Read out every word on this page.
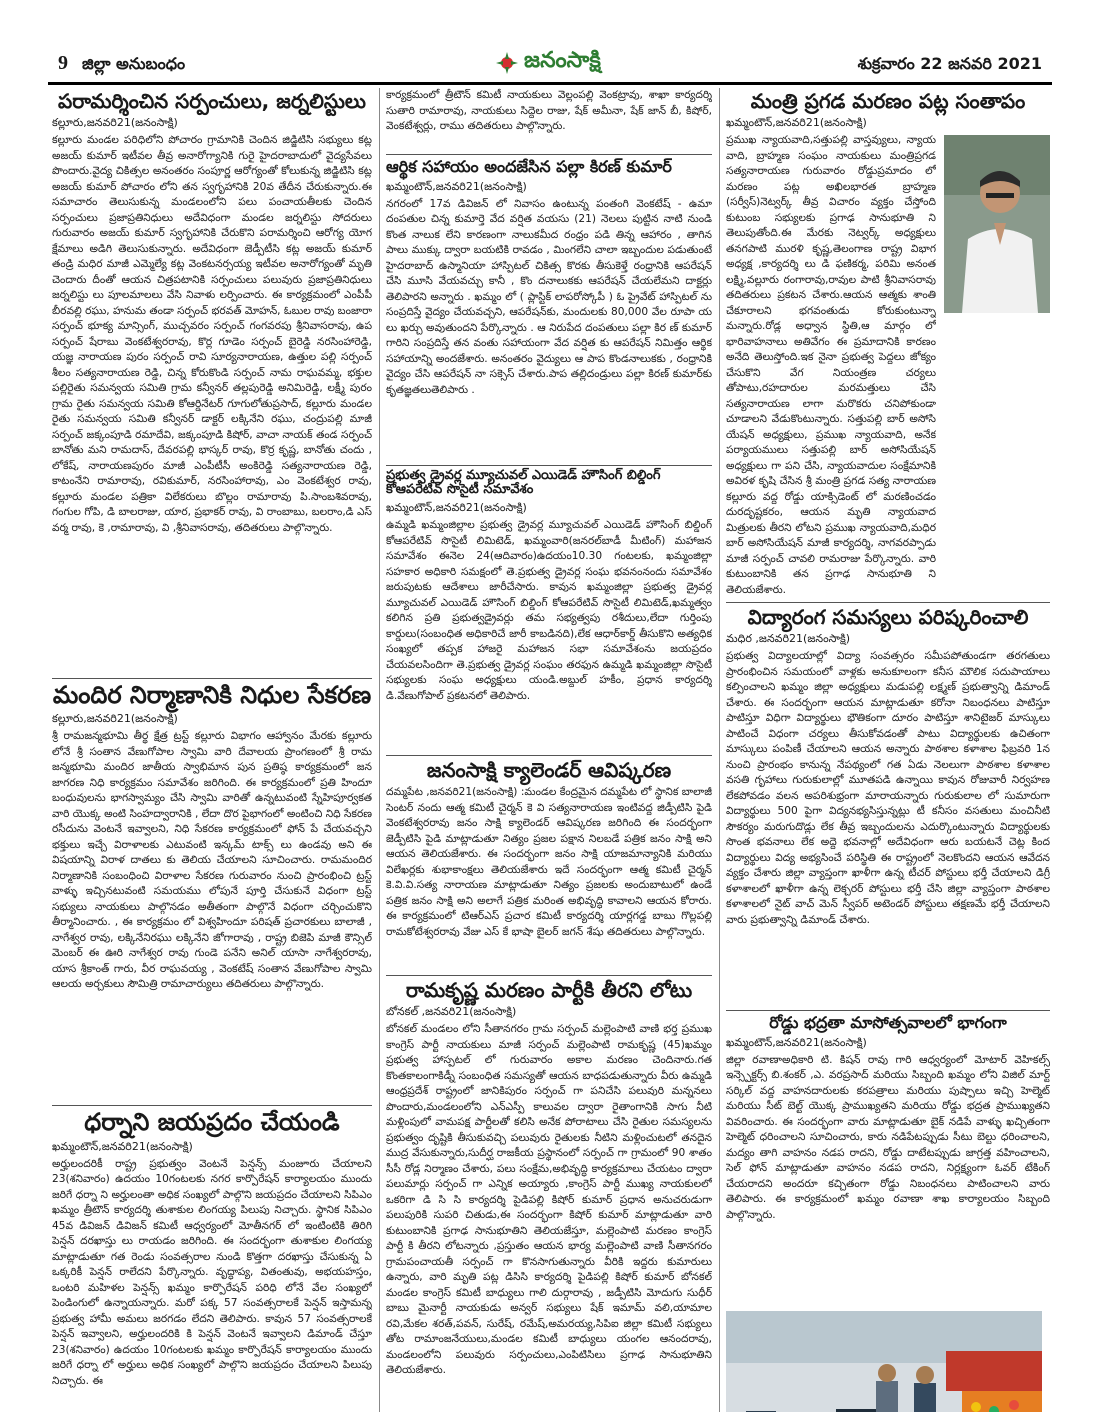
9 జిల్లా అనుబంధం	జనంసాక్షి	శుక్రవారం 22 జనవరి 2021
పరామర్శించిన సర్పంచులు, జర్నలిస్టులు
కల్లూరు,జనవరి21(జనంసాక్షి)
కల్లూరు మండల పరిధిలోని పోచారం గ్రామానికి చెందిన జిడ్జిటిసి సభ్యులు కట్ల అజయ్ కుమార్ ఇటీవల తీవ్ర అనారోగ్యానికి గురై హైదరాబాదులో వైద్యసేవలు పొందారు.వైద్య చికిత్సల అనంతరం సంపూర్ణ ఆరోగ్యంతో కోలుకున్న జిడ్జిటిసి కట్ల అజయ్ కుమార్ పోచారం లోని తన స్వగృహానికి 20వ తేదీన చేరుకున్నారు.ఈ సమాచారం తెలుసుకున్న మండలంలోని పలు పంచాయతీలకు చెందిన సర్పంచులు ప్రజాప్రతినిధులు అదేవిధంగా మండల జర్నలిస్టు సోదరులు గురువారం అజయ్ కుమార్ స్వగృహానికి చేరుకొని పరామర్శించి ఆరోగ్య యోగ క్షేమాలు అడిగి తెలుసుకున్నారు. అదేవిధంగా జెడ్పీటీసి కట్ల అజయ్ కుమార్ తండ్రి మధిర మాజీ ఎమ్మెల్యే కట్ల వెంకటనర్సయ్య ఇటీవల అనారోగ్యంతో మృతి చెందారు దీంతో ఆయన చిత్రపటానికి సర్పంచులు పలువురు ప్రజాప్రతినిధులు జర్నలిస్టు లు పూలమాలలు వేసి నివాళు లర్పించారు. ఈ కార్యక్రమంలో ఎంపీపీ బీరవల్లి రఘు, హనుమ తండా సర్పంచ్ భరవత్ మోహన్, ఓబుల రావు బంజారా సర్పంచ్ భూక్య మాన్సింగ్, ముచ్చవరం సర్పంచ్ గంగవరపు శ్రీనివాసరావు, ఉప సర్పంచ్ షేరాబు వెంకటేశ్వరరావు, కొర్ల గూడెం సర్పంచ్ బైరెడ్డి నరసింహారెడ్డి, యజ్ఞ నారాయణ పురం సర్పంచ్ రావి సూర్యనారాయణ, ఉత్తుల పల్లి సర్పంచ్ శీలం సత్యనారాయణ రెడ్డి, చిన్న కోరుకొండి సర్పంచ్ నామ రాఘవమ్మ, భక్తుల పల్లిరైతు సమన్వయ సమితి గ్రామ కన్వీనర్ తల్లపురెడ్డి అనిమిరెడ్డి, లక్ష్మీ పురం గ్రామ రైతు సమన్వయ సమితి కోఆర్డినేటర్ గూగులోతుప్రసాద్, కల్లూరు మండల రైతు సమన్వయ సమితి కన్వీనర్ డాక్టర్ లక్కినేని రఘు, చంద్రుపల్లి మాజీ సర్పంచ్ జక్కంపూడి రమాదేవి, జక్కంపూడి కిషోర్, వాచా నాయక్ తండ సర్పంచ్ బానోతు మని రామదాస్, దేవరపల్లి భాస్కర్ రావు, కొర్ర కృష్ణ, బానోతు చందు , లోకేష్, నారాయణపురం మాజీ ఎంపీటీసీ అంకిరెడ్డి సత్యనారాయణ రెడ్డి, కాటంనేని రామారావు, రవికుమార్, నరసింహారావు, ఎం వెంకటేశ్వర రావు, కల్లూరు మండల పత్రికా విలేకరులు బొల్లం రామారావు పి.సాంబశివరావు, గంగుల గోపి, డి బాలరాజు, యార, ప్రభాకర్ రావు, వి రాంబాబు, బలరాం,డి ఎస్ వర్మ రావు, కె ,రామారావు, వి ,శ్రీనివాసరావు, తదితరులు పాల్గొన్నారు.
మందిర నిర్మాణానికి నిధుల సేకరణ
కల్లూరు,జనవరి21(జనంసాక్షి)
శ్రీ రామజన్మభూమి తీర్థ క్షేత్ర ట్రస్ట్ కల్లూరు విభాగం ఆహ్వానం మేరకు కల్లూరు లోనే శ్రీ సంతాన వేణుగోపాల స్వామి వారి దేవాలయ ప్రాంగణంలో శ్రీ రామ జన్మభూమి మందిర జాతీయ స్వాభిమాన పున ప్రతిష్ఠ కార్యక్రమంలో జన జాగరణ నిధి కార్యక్రమం సమావేశం జరిగింది. ఈ కార్యక్రమంలో ప్రతి హిందూ బంధువులను భాగస్వామ్యం చేసి స్వామి వారితో ఉన్నటువంటి స్నేహిపూర్వకత వారి యొక్క అంటి సింహద్వారానికి , లేదా దొర పైభాగంలో అంటించి నిధి సేకరణ రసీదును వెంటనే ఇవ్వాలని, నిధి సేకరణ కార్యక్రమంలో ఫోన్ పే చేయవచ్చని భక్తులు ఇచ్చే విరాళాలకు ఎటువంటి ఇన్కమ్ టాక్స్ లు ఉండవు అని ఈ విషయాన్ని విరాళ దాతలు కు తెలియ చేయాలని సూచించారు. రామమందిర నిర్మాణానికి సంబంధించి విరాళాల సేకరణ గురువారం నుంచి ప్రారంభించి ట్రస్ట్ వాళ్ళు ఇచ్చినటువంటి సమయము లోపునే పూర్తి చేసుకునే విధంగా ట్రస్ట్ సభ్యులు నాయకులు పాల్గొనడం అతీతంగా పాల్గొనే విధంగా చర్చించుకొని తీర్మానించారు. , ఈ కార్యక్రమం లో విశ్వహిందూ పరిషత్ ప్రచారకులు బాలాజీ , నాగేశ్వర రావు, లక్కినేనిరఘు లక్కినేని జోగారావు , రాష్ట్ర బిజెపి మాజీ కౌన్సిల్ మెంబర్ ఈ ఊరి నాగేశ్వర రావు గుండె పనేని అనిల్ యాసా నాగేశ్వరరావు, యాస శ్రీకాంత్ గారు, వీర రాఘవయ్య , వెంకటేష్ సంతాన వేణుగోపాల స్వామి ఆలయ అర్చకులు సౌమిత్రి రామాచార్యులు తదితరులు పాల్గొన్నారు.
ధర్నాని జయప్రదం చేయండి
ఖమ్మంటౌన్,జనవరి21(జనంసాక్షి)
అర్హులందరికీ రాష్ట్ర ప్రభుత్వం వెంటనే పెన్షన్స్ మంజూరు చేయాలని 23(శనివారం) ఉదయం 10గంటలకు నగర కార్పొరేషన్ కార్యాలయం ముందు జరిగే ధర్నా ని అర్హులంతా అధిక సంఖ్యలో పాల్గొని జయప్రదం చేయాలని సిపిఎం ఖమ్మం త్రీటౌన్ కార్యదర్శి తుశాకుల లింగయ్య పిలుపు నిచ్చారు. స్థానిక సిపిఎం 45వ డివిజన్ డివిజన్ కమిటీ ఆధ్వర్యంలో మోతీనగర్ లో ఇంటింటికి తిరిగి పెన్షన్ దరఖాస్తు లు రాయడం జరిగింది. ఈ సందర్భంగా తుశాకుల లింగయ్య మాట్లాడుతూ గత రెండు సంవత్సరాల నుండి కొత్తగా దరఖాస్తు చేసుకున్న ఏ ఒక్కరికీ పెన్షన్ రాలేదని పేర్కొన్నారు. వృద్ధాప్య, వితంతువు, అభయహస్తం, ఒంటరి మహిళల పెన్షన్స్ ఖమ్మం కార్పొరేషన్ పరిధి లోనే వేల సంఖ్యలో పెండింగులో ఉన్నాయన్నారు. మరో పక్క 57 సంవత్సరాలకే పెన్షన్ ఇస్తామన్న ప్రభుత్వ హామీ అమలు జరగడం లేదని తెలిపారు. కావున 57 సంవత్సరాలకే పెన్షన్ ఇవ్వాలని, అర్హులందరికి కి పెన్షన్ వెంటనే ఇవ్వాలని డిమాండ్ చేస్తూ 23(శనివారం) ఉదయం 10గంటలకు ఖమ్మం కార్పొరేషన్ కార్యాలయం ముందు జరిగే ధర్నా లో అర్హులు అధిక సంఖ్యలో పాల్గొని జయప్రదం చేయాలని పిలుపు నిచ్చారు. ఈ
కార్యక్రమంలో త్రీటౌన్ కమిటీ నాయకులు వెల్లంపల్లి వెంకట్రావు, శాఖా కార్యదర్శి సుతారి రామారావు, నాయకులు సిద్దెల రాజు, షేక్ అమీనా, షేక్ జాన్ బీ, కిషోర్, వెంకటేశ్వర్లు, రాము తదితరులు పాల్గొన్నారు.
ఆర్థిక సహాయం అందజేసిన పల్లా కిరణ్ కుమార్
ఖమ్మంటౌన్,జనవరి21(జనంసాక్షి)
నగరంలో 17వ డివిజన్ లో నివాసం ఉంటున్న పంతంగి వెంకటేష్ - ఉమా దంపతుల చిన్న కుమార్తె వేద వర్షిత వయసు (21) నెలలు పుట్టిన నాటి నుండి కొంత నాలుక లేని కారణంగా నాలుకమీద రంధ్రం పడి తిన్న ఆహారం , తాగిన పాలు ముక్కు ద్వారా బయటికి రావడం , మింగలేని చాలా ఇబ్బందుల పడుతుంటే హైదరాబాద్ ఉస్మానియా హాస్పిటల్ చికిత్స కొరకు తీసుకెళ్తే రంధ్రానికి ఆపరేషన్ చేసి మూసి వేయవచ్చు కానీ , కొం దనాలుకకు ఆపరేషన్ చేయలేమని దాక్టర్లు తెలిపారని అన్నారు . ఖమ్మం లో ( ప్లాస్టిక్ లాపరోస్కోపీ ) ఓ ప్రైవేట్ హాస్పిటల్ ను సంప్రదిస్తే వైద్యం చేయవచ్చని, ఆపరేషన్‌కు, మందులకు 80,000 వేల రూపా య లు ఖర్చు అవుతుందని పేర్కొన్నారు . ఆ నిరుపేద దంపతులు పల్లా కిర ణ్ కుమార్ గారిని సంప్రదిస్తే తన వంతు సహాయంగా వేద వర్షిత కు ఆపరేషన్ నిమిత్తం ఆర్థిక సహాయాన్ని అందజేశారు. అనంతరం వైద్యులు ఆ పాప కొండనాలుకకు , రంధ్రానికి వైద్యం చేసి ఆపరేషన్ నా సక్సెస్ చేశారు.పాప తల్లిదండ్రులు పల్లా కిరణ్ కుమార్‌కు కృతజ్ఞతలుతెలిపారు .
ప్రభుత్వ డ్రైవర్ల మ్యూచువల్ ఎయిడెడ్ హౌసింగ్ బిల్డింగ్ కోఆపరేటివ్ సొసైటీ సమావేశం
ఖమ్మంటౌన్,జనవరి21(జనంసాక్షి)
ఉమ్మడి ఖమ్మంజిల్లాల ప్రభుత్వ డ్రైవర్ల మ్యూచువల్ ఎయిడెడ్ హౌసింగ్ బిల్డింగ్ కోఆపరేటివ్ సొసైటీ లిమిటెడ్, ఖమ్మంవారి(జనరల్‌బాడీ మీటింగ్) మహాజన సమావేశం ఈనెల 24(ఆదివారం)ఉదయం10.30 గంటలకు, ఖమ్మంజిల్లా సహకార అధికారి సమక్షంలో తె.ప్రభుత్వ డ్రైవర్ల సంఘ భవనంనందు సమావేశం జరుపుటకు ఆదేశాలు జారీచేసారు. కావున ఖమ్మంజిల్లా ప్రభుత్వ డ్రైవర్ల మ్యూచువల్ ఎయిడెడ్ హౌసింగ్ బిల్డింగ్ కోఆపరేటివ్ సొసైటీ లిమిటెడ్,ఖమ్మత్వం కలిగిన ప్రతి ప్రభుత్వడ్రైవర్లు తమ సభ్యత్వపు రశీదులు,లేదా గుర్తింపు కార్డులు(సంబంధిత అధికారిచే జారీ కాబడినది),లేక ఆధార్‌కార్డ్ తీసుకొని అత్యధిక సంఖ్యలో తప్పక హాజరై మహాజన సభా సమావేశంను జయప్రదం చేయవలసిందిగా తె.ప్రభుత్వ డ్రైవర్ల సంఘం తరఫున ఉమ్మడి ఖమ్మంజిల్లా సొసైటీ సభ్యులకు సంఘ అధ్యక్షులు యండి.అబ్దుల్ హకీం, ప్రధాన కార్యదర్శి డి.వేణుగోపాల్ ప్రకటనలో తెలిపారు.
జనంసాక్షి క్యాలెండర్ ఆవిష్కరణ
దమ్మపేట ,జనవరి21(జనంసాక్షి) :మండల కేంద్రమైన దమ్మపేట లో స్థానిక బాలాజీ సెంటర్ నందు ఆత్మ కమిటీ చైర్మన్ కె వి సత్యనారాయణ ఇంటివద్ద జిడ్పీటిసి పైడి వెంకటేశ్వరరావు జనం సాక్షి క్యాలెండర్ ఆవిష్కరణ జరిగింది ఈ సందర్భంగా జెడ్పీటిసి పైడి మాట్లాడుతూ నిత్యం ప్రజల పక్షాన నిలబడే పత్రిక జనం సాక్షి అని ఆయన తెలియజేశారు. ఈ సందర్భంగా జనం సాక్షి యాజమాన్యానికి మరియు విలేఖర్లకు శుభాకాంక్షలు తెలియజేశారు ఇదే సందర్భంగా ఆత్మ కమిటీ చైర్మన్ కె.వి.వి.సత్య నారాయణ మాట్లాడుతూ నిత్యం ప్రజలకు అందుబాటులో ఉండే పత్రిక జనం సాక్షి అని అలాగే పత్రిక మరింత అభివృద్ధి కావాలని ఆయన కోరారు. ఈ కార్యక్రమంలో టిఆర్ఎస్ ప్రచార కమిటీ కార్యదర్శి యార్లగడ్డ బాబు గొల్లపల్లి రామకోటేశ్వరరావు వేజు ఎస్ కే భాషా బైలర్ జగన్ శేషు తదితరులు పాల్గొన్నారు.
రామకృష్ణ మరణం పార్టీకి తీరని లోటు
బోనకల్ ,జనవరి21(జనంసాక్షి)
బోనకల్ మండలం లోని సీతానగరం గ్రామ సర్పంచ్ మల్లెంపాటి వాణి భర్త ప్రముఖ కాంగ్రెస్ పార్టీ నాయకులు మాజీ సర్పంచ్ మల్లెంపాటి రామకృష్ణ (45)ఖమ్మం ప్రభుత్వ హాస్పటల్ లో గురువారం అకాల మరణం చెందినారు.గత కొంతకాలంగాకిడ్నీ సంబంధిత సమస్యతో ఆయన బాధపడుతున్నారు వీరు ఉమ్మడి ఆంధ్రప్రదేశ్ రాష్ట్రంలో జానికిపురం సర్పంచ్ గా పనిచేసి పలువురి మన్ననలు పొందారు,మండలంలోని ఎన్ఎస్పీ కాలువల ద్వారా రైతాంగానికి సాగు నీటి మళ్లింపులో వామపక్ష పార్టీలతో కలిసి అనేక పోరాటాలు చేసి రైతుల సమస్యలను ప్రభుత్వం దృష్టికి తీసుకువచ్చి పలువురు రైతులకు నీటిని మళ్లించుటలో తనదైన ముద్ర వేసుకున్నారు,సుదీర్ఘ రాజకీయ ప్రస్థానంలో సర్పంచ్ గా గ్రామంలో 90 శాతం సీసీ రోడ్ల నిర్మాణం చేశారు, పలు సంక్షేమ,అభివృద్ధి కార్యక్రమాలు చేయటం ద్వారా పలుమార్లు సర్పంచ్ గా ఎన్నిక అయ్యారు ,కాంగ్రెస్ పార్టీ ముఖ్య నాయకులలో ఒకరిగా డి సి సి కార్యదర్శి పైడిపల్లి కిషోర్ కుమార్ ప్రధాన అనుచరుడుగా పలుపురికి సుపరి చితుడు,ఈ సందర్భంగా కిషోర్ కుమార్ మాట్లాడుతూ వారి కుటుంబానికి ప్రగాఢ సానుభూతిని తెలియజేస్తూ, మల్లెంపాటి మరణం కాంగ్రెస్ పార్టీ కి తీరని లోటన్నారు ,ప్రస్తుతం ఆయన భార్య మల్లెంపాటి వాణి సీతానగరం గ్రామపంచాయతీ సర్పంచ్ గా కొనసాగుతున్నారు వీరికి ఇద్దరు కుమారులు ఉన్నారు, వారి మృతి పట్ల డిసిసి కార్యదర్శి పైడిపల్లి కిషోర్ కుమార్ బోనకల్ మండల కాంగ్రెస్ కమిటీ బాధ్యులు గాలి దుర్గారావు , జడ్పీటిసి మోదుగు సుధీర్ బాబు మైనార్టీ నాయకుడు అన్వర్ సభ్యులు షేక్ ఇమామ్ వలి,యామాల రవి,మేకల శరత్,పవన్, సురేష్, రమేష్,అమరయ్య,సిపిఐ జిల్లా కమిటీ సభ్యులు తోట రామాంజనేయులు,మండల కమిటీ బాధ్యులు యంగల ఆనందరావు, మండలంలోని పలువురు సర్పంచులు,ఎంపిటిసిలు ప్రగాఢ సానుభూతిని తెలియజేశారు.
మంత్రి ప్రగడ మరణం పట్ల సంతాపం
ఖమ్మంటౌన్,జనవరి21(జనంసాక్షి)
ప్రముఖ న్యాయవాది,సత్తుపల్లి వాస్తవ్యులు, న్యాయ వాది, బ్రాహ్మణ సంఘం నాయకులు మంత్రిప్రగడ సత్యనారాయణ గురువారం రోడ్డుప్రమాదం లో మరణం పట్ల అఖిలభారత బ్రాహ్మణ (సర్వీస్‌)నెట్వర్క్ తీవ్ర విచారం వ్యక్తం చేస్తోంది కుటుంబ సభ్యులకు ప్రగాఢ సానుభూతి ని తెలుపుతోంది.ఈ మేరకు నెట్వర్క్ అధ్యక్షులు తనగపాటి మురళి కృష్ణ,తెలంగాణ రాష్ట్ర విభాగ అధ్యక్ష ,కార్యదర్శి లు డి ఫణికర్మ, పరిమి అనంత లక్ష్మి,వల్లూరు రంగారావు,రావుల పాటి శ్రీనివాసరావు తదితరులు ప్రకటన చేశారు.ఆయన ఆత్మకు శాంతి చేకూరాలని భగవంతుడు కోరుకుంటున్నా మన్నారు.రోడ్ల అధ్వాన స్థితి,ఆ మార్గం లో భారివాహనాలు అతివేగం ఈ ప్రమాదానికి కారణం అనేది తెలుస్తోంది.ఇక నైనా ప్రభుత్వ పెద్దలు జోక్యం చేసుకొని వేగ నియంత్రణ చర్యలు తోపాటు,రహదారుల మరమత్తులు చేసి సత్యనారాయణ లాగా మరొకరు చనిపోకుండా చూడాలని వేడుకొంటున్నారు. సత్తుపల్లి బార్ అసోసి యేషన్ అధ్యక్షులు, ప్రముఖ న్యాయవాది, అనేక పర్యాయములు సత్తుపల్లి బార్ అసోసియేషన్ అధ్యక్షులు గా పని చేసి, న్యాయవాదుల సంక్షేమానికి అవిరళ కృషి చేసిన శ్రీ మంత్రి ప్రగడ సత్య నారాయణ కల్లూరు వద్ద రోడ్డు యాక్సిడెంట్ లో మరణించడం దురదృష్టకరం, ఆయన మృతి న్యాయవాద మిత్రులకు తీరని లోటని ప్రముఖ న్యాయవాది,మధిర బార్ అసోసియేషన్ మాజీ కార్యదర్శి, నాగవరప్పాడు మాజీ సర్పంచ్ చావలి రామరాజు పేర్కొన్నారు. వారి కుటుంబానికి తన ప్రగాఢ సానుభూతి ని తెలియజేశారు.
విద్యారంగ సమస్యలు పరిష్కరించాలి
మధిర ,జనవరి21(జనంసాక్షి)
ప్రభుత్వ విద్యాలయాల్లో విద్యా సంవత్సరం సమీపపోతుండగా తరగతులు ప్రారంభించిన సమయంలో వాళ్లకు అనుకూలంగా కనీస మౌలిక సదుపాయాలు కల్పించాలని ఖమ్మం జిల్లా అధ్యక్షులు మడుపల్లి లక్ష్మణ్ ప్రభుత్వాన్ని డిమాండ్ చేశారు. ఈ సందర్భంగా ఆయన మాట్లాడుతూ కరోనా నిబంధనలు పాటిస్తూ పాటిస్తూ విధిగా విద్యార్థులు భౌతికంగా దూరం పాటిస్తూ శానిటైజర్ మాస్కులు పాటించే విధంగా చర్యలు తీసుకోవడంతో పాటు విద్యార్థులకు ఉచితంగా మాస్కులు పంపిణీ చేయాలని ఆయన అన్నారు పాఠశాల కళాశాల ఫిబ్రవరి 1న నుంచి ప్రారంభం కానున్న నేపథ్యంలో గత ఏడు నెలలుగా పాఠశాల కళాశాల వసతి గృహాలు గురుకులాల్లో మూతపడి ఉన్నాయి కావున రోజువారీ నిర్వహణ లేకపోవడం వలన అపరిశుభ్రంగా మారాయన్నారు గురుకులాల లో సుమారుగా విద్యార్థులు 500 పైగా విద్యనభ్యసిస్తున్నట్లు టీ కనీసం వసతులు మంచినీటి సౌకర్యం మరుగుదొడ్లు లేక తీవ్ర ఇబ్బందులను ఎదుర్కొంటున్నారు విద్యార్థులకు సొంత భవనాలు లేక అద్దె భవనాల్లో అదేవిధంగా ఆరు బయటనే చెట్ల కింద విద్యార్థులు విద్య అభ్యసించే పరిస్థితి ఈ రాష్ట్రంలో నెలకొందని ఆయన ఆవేదన వ్యక్తం చేశారు జిల్లా వ్యాప్తంగా ఖాళీగా ఉన్న టీచర్ పోస్టులు భర్తీ చేయాలని డిగ్రీ కళాశాలలో ఖాళీగా ఉన్న లెక్చరర్ పోస్టులు భర్తీ చేసి జిల్లా వ్యాప్తంగా పాఠశాల కళాశాలలో నైట్ వాచ్ మెన్ స్వీపర్ అటెండర్ పోస్టులు తక్షణమే భర్తీ చేయాలని వారు ప్రభుత్వాన్ని డిమాండ్ చేశారు.
రోడ్డు భద్రతా మాసోత్సవాలలో భాగంగా
ఖమ్మంటౌన్,జనవరి21(జనంసాక్షి)
జిల్లా రవాణాఅధికారి టి. కిషన్ రావు గారి ఆధ్వర్యంలో మోటార్ వెహికల్స్ ఇన్స్పెక్టర్స్ బి.శంకర్ ,ఎ. వరప్రసాద్ మరియు సిబ్బంది ఖమ్మం లోని విజిల్ మార్ట్ సర్కిల్ వద్ద వాహనదారులకు కరపత్రాలు మరియు పుష్పాలు ఇచ్చి హెల్మెట్ మరియు సీట్ బెల్ట్ యొక్క ప్రాముఖ్యతని మరియు రోడ్డు భద్రత ప్రాముఖ్యతని వివరించారు. ఈ సందర్భంగా వారు మాట్లాడుతూ బైక్ నడిపే వాళ్ళు ఖచ్చితంగా హెల్మెట్ ధరించాలని సూచించారు, కారు నడిపేటప్పుడు సీటు బెల్టు ధరించాలని, మద్యం తాగి వాహనం నడప రాదని, రోడ్డు దాటేటప్పుడు జాగ్రత్త వహించాలని, సెల్ ఫోన్ మాట్లాడుతూ వాహనం నడప రాదని, నిర్లక్ష్యంగా ఓవర్ టేకింగ్ చేయరాదని అందరూ కచ్చితంగా రోడ్డు నిబంధనలు పాటించాలని వారు తెలిపారు. ఈ కార్యక్రమంలో ఖమ్మం రవాణా శాఖ కార్యాలయం సిబ్బంది పాల్గొన్నారు.
